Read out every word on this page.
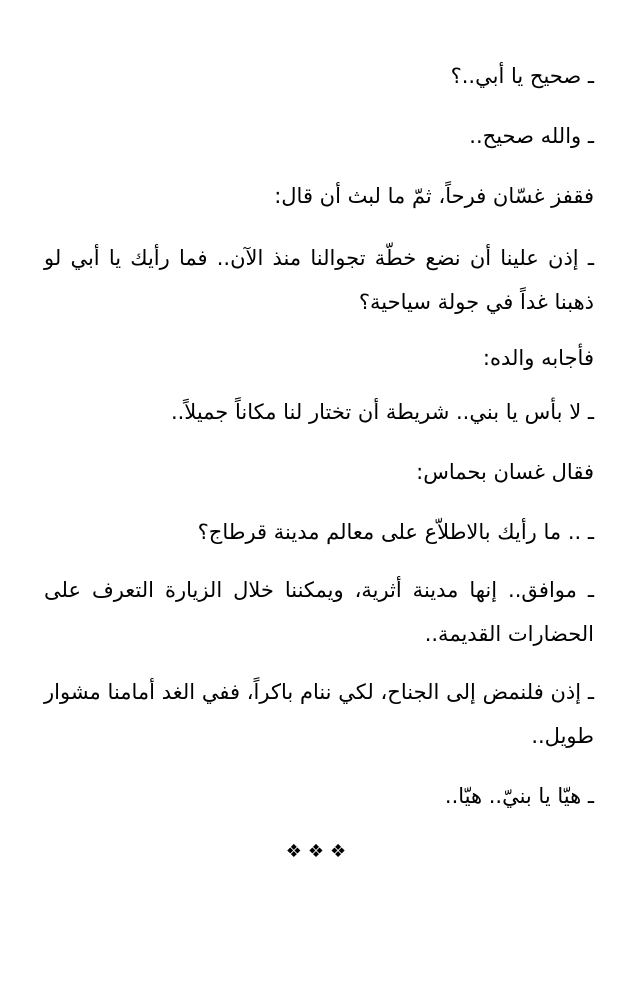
ـ صحيح يا أبي..؟

ـ والله صحيح..

فقفز غسّان فرحاً، ثمّ ما لبث أن قال:

ـ إذن علينا أن نضع خطّة تجوالنا منذ الآن.. فما رأيك يا أبي لو ذهبنا غداً في جولة سياحية؟

فأجابه والده:

ـ لا بأس يا بني.. شريطة أن تختار لنا مكاناً جميلاً..

فقال غسان بحماس:

ـ .. ما رأيك بالاطلاّع على معالم مدينة قرطاج؟

ـ موافق.. إنها مدينة أثرية، ويمكننا خلال الزيارة التعرف على الحضارات القديمة..

ـ إذن فلنمض إلى الجناح، لكي ننام باكراً، ففي الغد أمامنا مشوار طويل..

ـ هيّا يا بنيّ.. هيّا..

❖❖❖
